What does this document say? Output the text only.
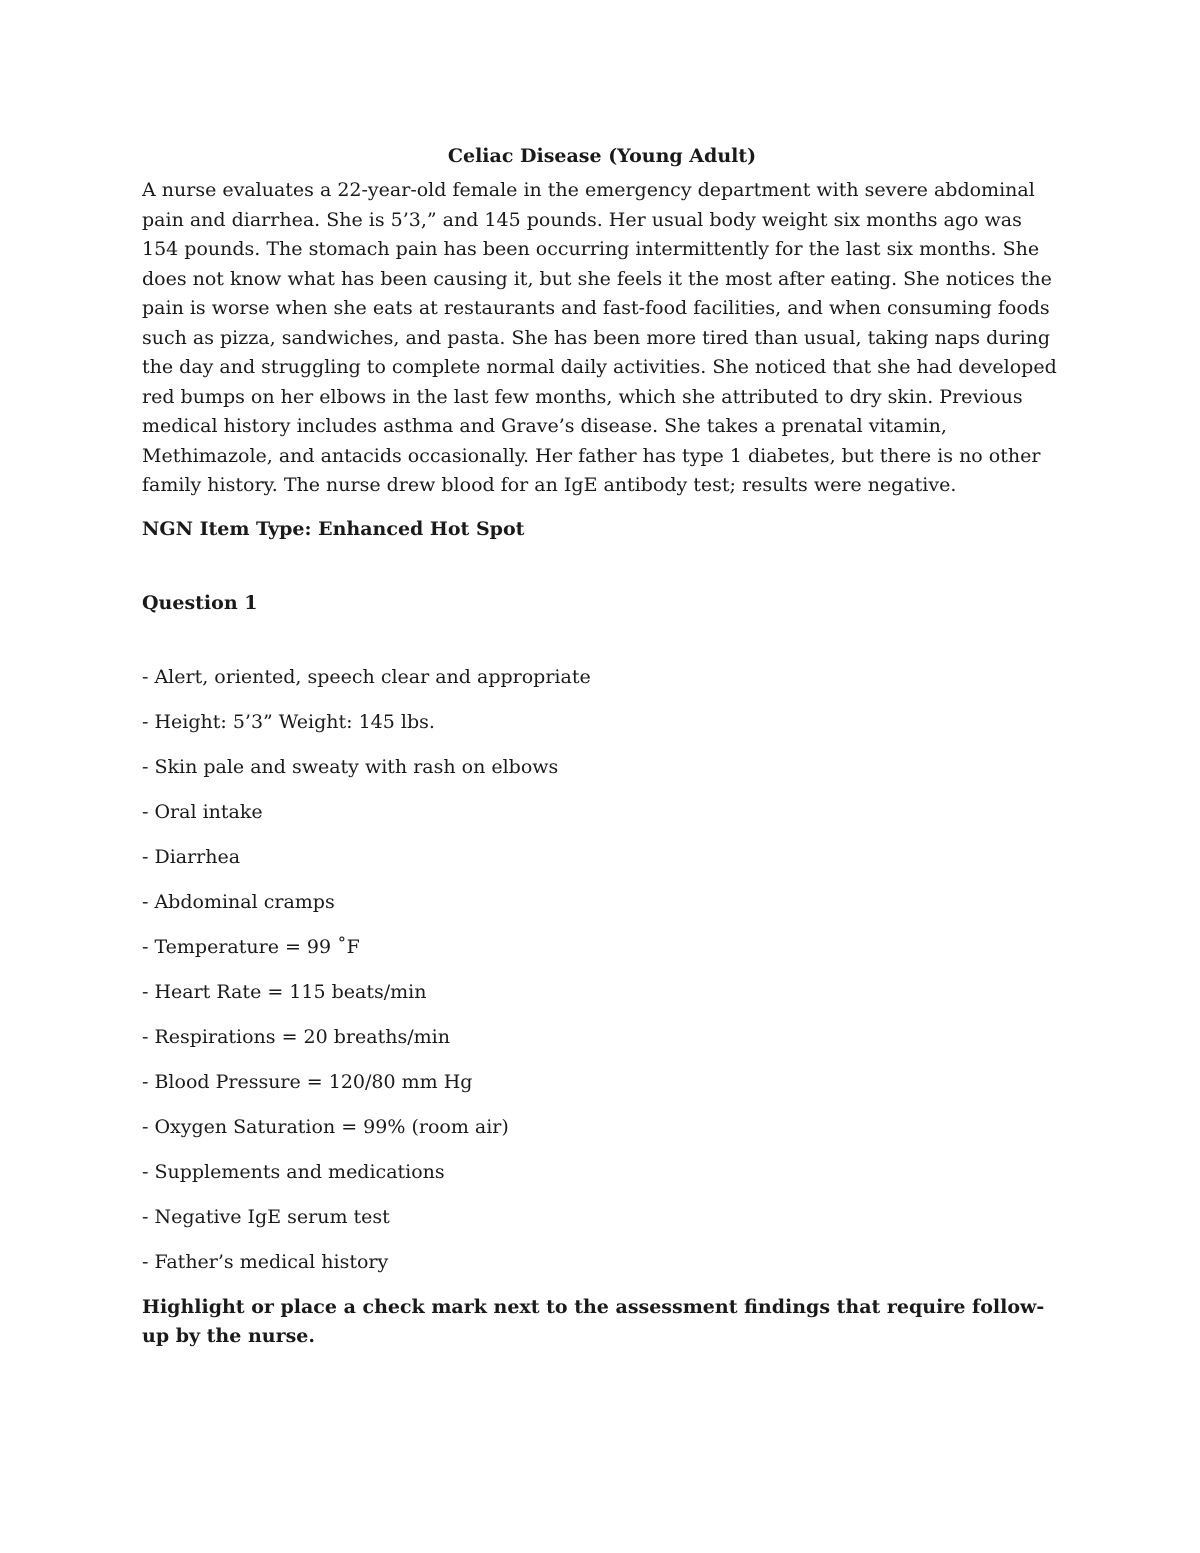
Celiac Disease (Young Adult)

A nurse evaluates a 22-year-old female in the emergency department with severe abdominal pain and diarrhea. She is 5’3,” and 145 pounds. Her usual body weight six months ago was 154 pounds. The stomach pain has been occurring intermittently for the last six months. She does not know what has been causing it, but she feels it the most after eating. She notices the pain is worse when she eats at restaurants and fast-food facilities, and when consuming foods such as pizza, sandwiches, and pasta. She has been more tired than usual, taking naps during the day and struggling to complete normal daily activities. She noticed that she had developed red bumps on her elbows in the last few months, which she attributed to dry skin. Previous medical history includes asthma and Grave’s disease. She takes a prenatal vitamin, Methimazole, and antacids occasionally. Her father has type 1 diabetes, but there is no other family history. The nurse drew blood for an IgE antibody test; results were negative.

NGN Item Type: Enhanced Hot Spot

Question 1

- Alert, oriented, speech clear and appropriate
- Height: 5’3” Weight: 145 lbs.
- Skin pale and sweaty with rash on elbows
- Oral intake
- Diarrhea
- Abdominal cramps
- Temperature = 99 ˚F
- Heart Rate = 115 beats/min
- Respirations = 20 breaths/min
- Blood Pressure = 120/80 mm Hg
- Oxygen Saturation = 99% (room air)
- Supplements and medications
- Negative IgE serum test
- Father’s medical history

Highlight or place a check mark next to the assessment findings that require follow-up by the nurse.
